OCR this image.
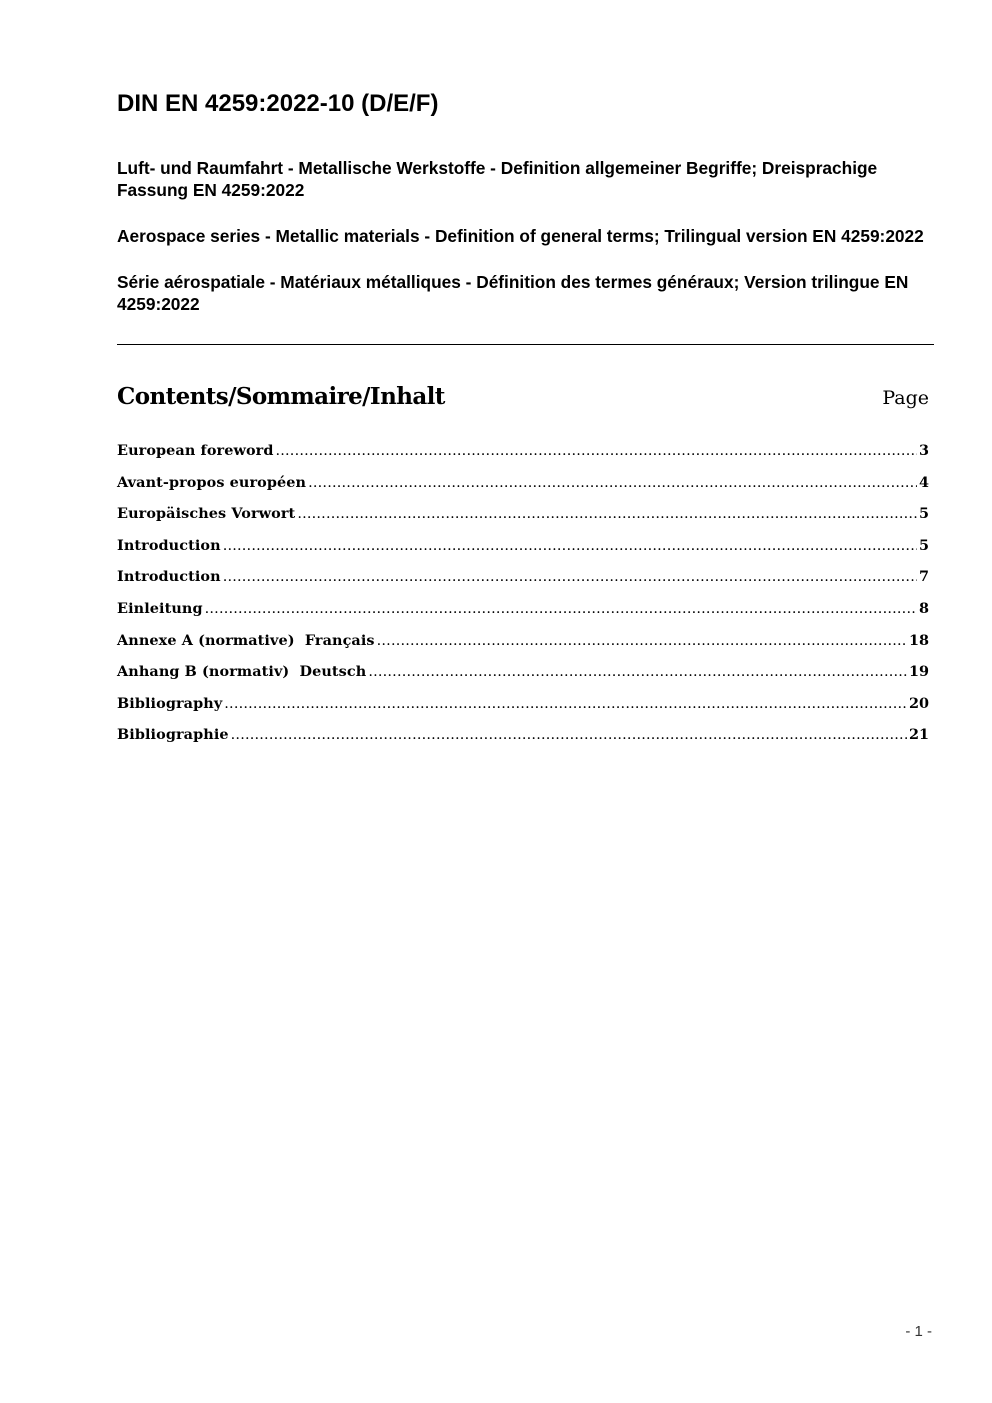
DIN EN 4259:2022-10 (D/E/F)
Luft- und Raumfahrt - Metallische Werkstoffe - Definition allgemeiner Begriffe; Dreisprachige Fassung EN 4259:2022
Aerospace series - Metallic materials - Definition of general terms; Trilingual version EN 4259:2022
Série aérospatiale - Matériaux métalliques - Définition des termes généraux; Version trilingue EN 4259:2022
Contents/Sommaire/Inhalt	Page
European foreword .....	3
Avant-propos européen .....	4
Europäisches Vorwort .....	5
Introduction .....	5
Introduction .....	7
Einleitung .....	8
Annexe A (normative)  Français .....	18
Anhang B (normativ)  Deutsch .....	19
Bibliography .....	20
Bibliographie .....	21
- 1 -
